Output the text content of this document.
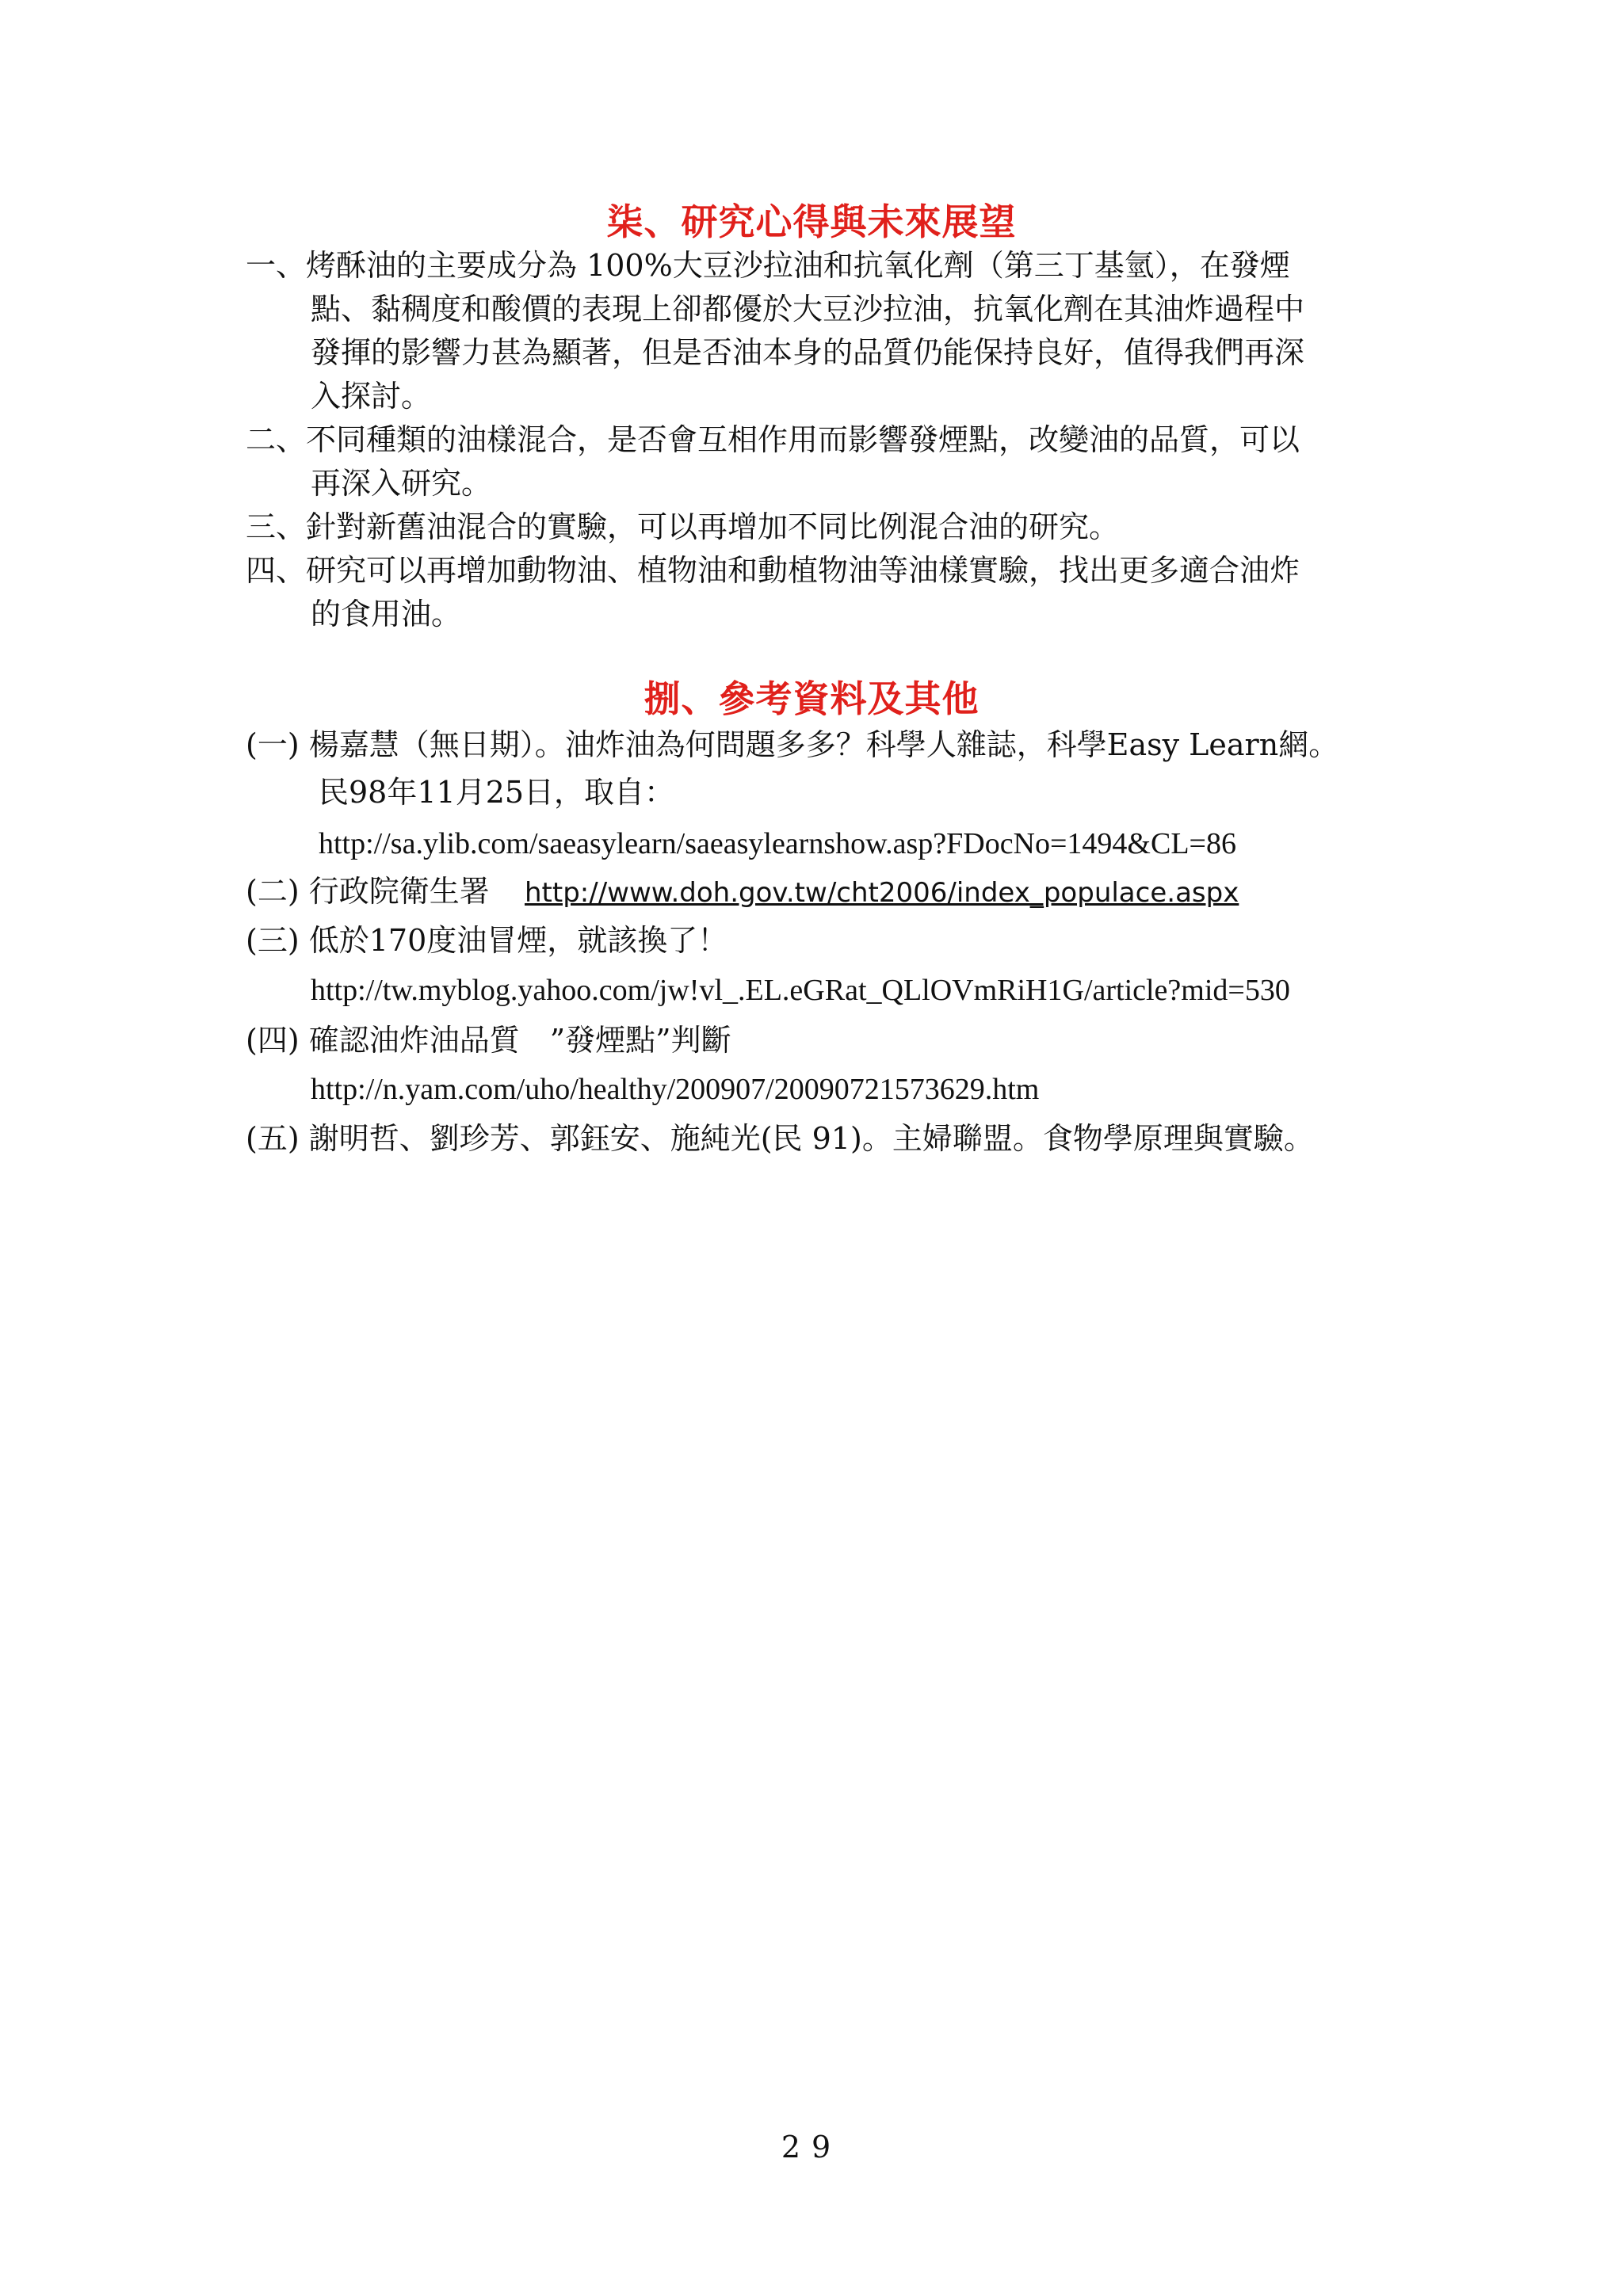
柒、研究心得與未來展望
一、烤酥油的主要成分為 100%大豆沙拉油和抗氧化劑（第三丁基氫），在發煙
點、黏稠度和酸價的表現上卻都優於大豆沙拉油，抗氧化劑在其油炸過程中
發揮的影響力甚為顯著，但是否油本身的品質仍能保持良好，值得我們再深
入探討。
二、不同種類的油樣混合，是否會互相作用而影響發煙點，改變油的品質，可以
再深入研究。
三、針對新舊油混合的實驗，可以再增加不同比例混合油的研究。
四、研究可以再增加動物油、植物油和動植物油等油樣實驗，找出更多適合油炸
的食用油。
捌、參考資料及其他
(一) 楊嘉慧（無日期）。油炸油為何問題多多？科學人雜誌，科學Easy Learn網。
民98年11月25日，取自：
http://sa.ylib.com/saeasylearn/saeasylearnshow.asp?FDocNo=1494&CL=86
(二) 行政院衛生署 http://www.doh.gov.tw/cht2006/index_populace.aspx
(三) 低於170度油冒煙，就該換了！
http://tw.myblog.yahoo.com/jw!vl_.EL.eGRat_QLlOVmRiH1G/article?mid=530
(四) 確認油炸油品質　”發煙點”判斷
http://n.yam.com/uho/healthy/200907/20090721573629.htm
(五) 謝明哲、劉珍芳、郭鈺安、施純光(民 91)。主婦聯盟。食物學原理與實驗。
29
